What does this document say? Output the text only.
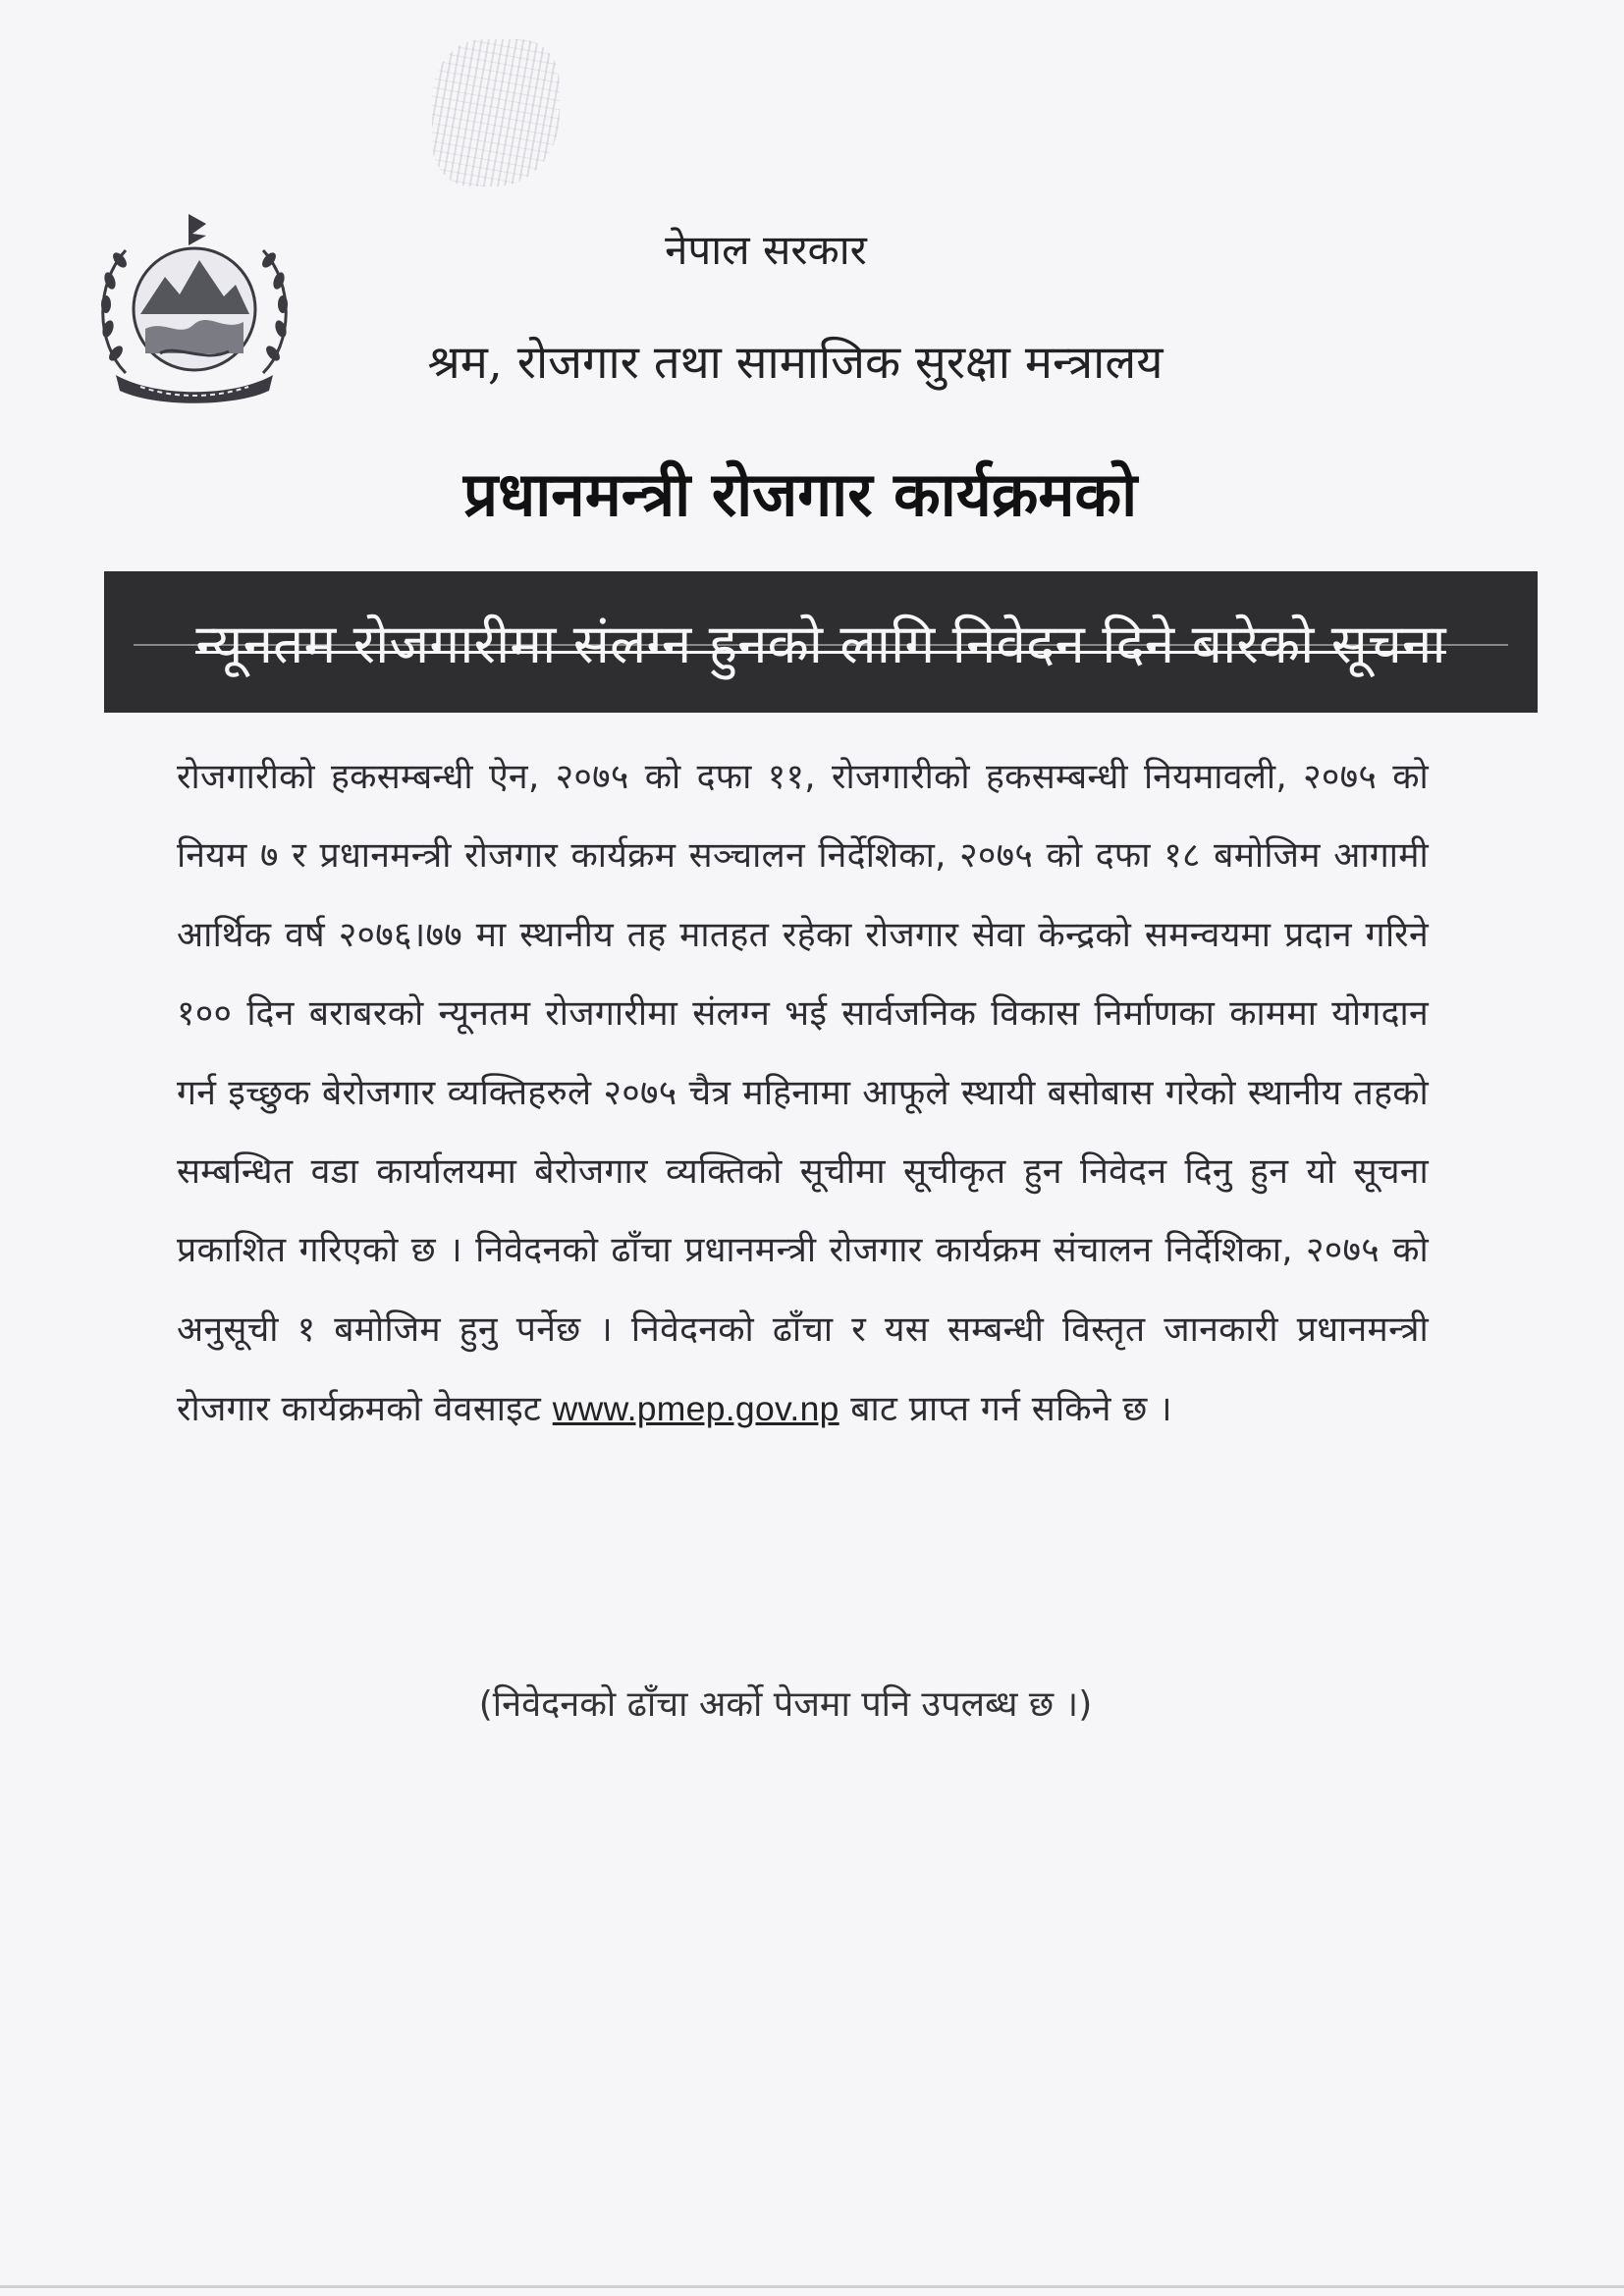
नेपाल सरकार
श्रम, रोजगार तथा सामाजिक सुरक्षा मन्त्रालय
प्रधानमन्त्री रोजगार कार्यक्रमको
न्यूनतम रोजगारीमा संलग्न हुनको लागि निवेदन दिने बारेको सूचना
रोजगारीको हकसम्बन्धी ऐन, २०७५ को दफा ११, रोजगारीको हकसम्बन्धी नियमावली, २०७५ को नियम ७ र प्रधानमन्त्री रोजगार कार्यक्रम सञ्चालन निर्देशिका, २०७५ को दफा १८ बमोजिम आगामी आर्थिक वर्ष २०७६।७७ मा स्थानीय तह मातहत रहेका रोजगार सेवा केन्द्रको समन्वयमा प्रदान गरिने १०० दिन बराबरको न्यूनतम रोजगारीमा संलग्न भई सार्वजनिक विकास निर्माणका काममा योगदान गर्न इच्छुक बेरोजगार व्यक्तिहरुले २०७५ चैत्र महिनामा आफूले स्थायी बसोबास गरेको स्थानीय तहको सम्बन्धित वडा कार्यालयमा बेरोजगार व्यक्तिको सूचीमा सूचीकृत हुन निवेदन दिनु हुन यो सूचना प्रकाशित गरिएको छ । निवेदनको ढाँचा प्रधानमन्त्री रोजगार कार्यक्रम संचालन निर्देशिका, २०७५ को अनुसूची १ बमोजिम हुनु पर्नेछ । निवेदनको ढाँचा र यस सम्बन्धी विस्तृत जानकारी प्रधानमन्त्री रोजगार कार्यक्रमको वेवसाइट www.pmep.gov.np बाट प्राप्त गर्न सकिने छ ।
(निवेदनको ढाँचा अर्को पेजमा पनि उपलब्ध छ ।)
